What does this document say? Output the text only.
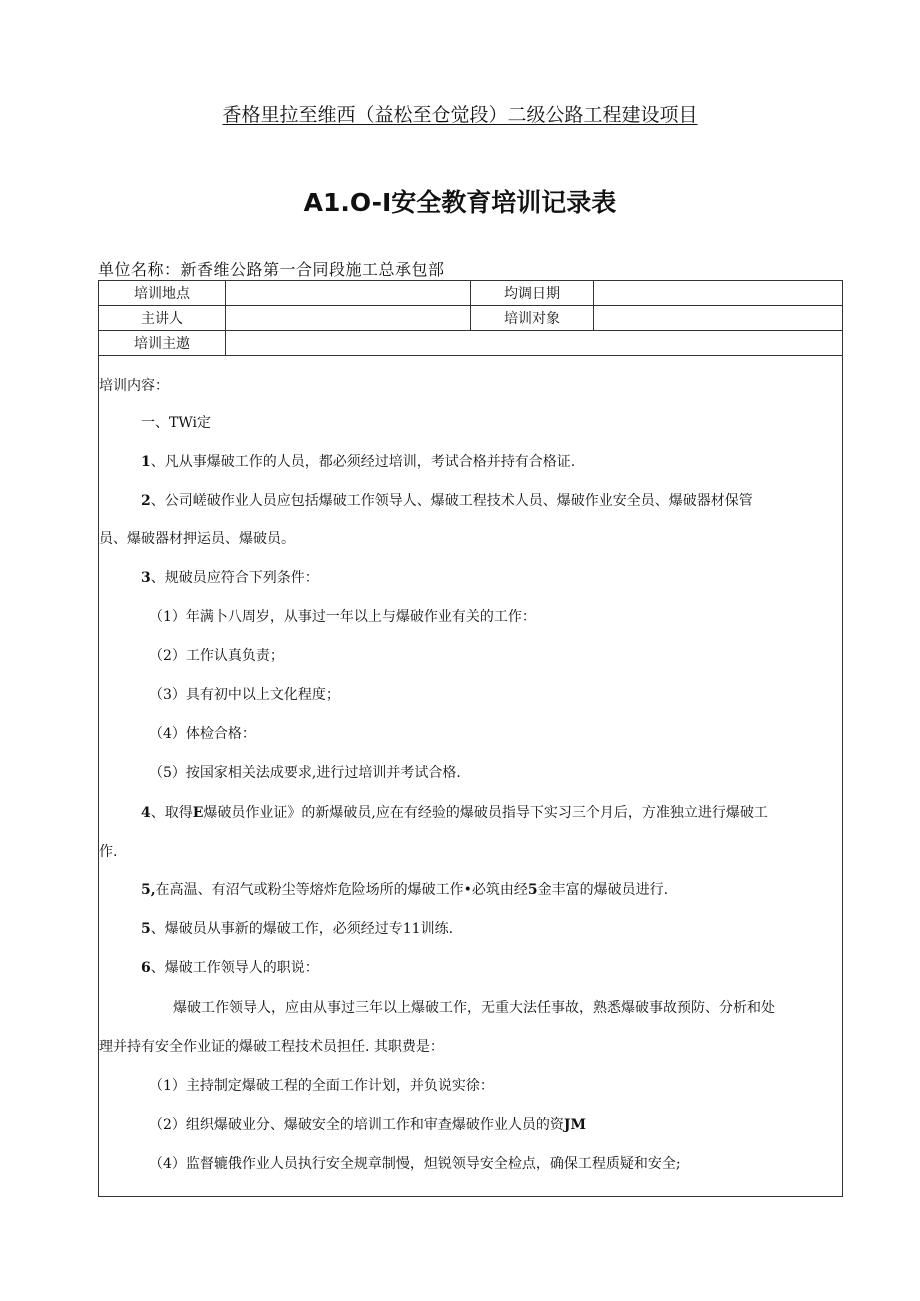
香格里拉至维西（益松至仓觉段）二级公路工程建设项目
A1.O-I安全教育培训记录表
单位名称：新香维公路第一合同段施工总承包部
培训地点		均调日期	
主讲人		培训对象	
培训主遨			

培训内容：

一、TWi定

1、凡从事爆破工作的人员，都必须经过培训，考试合格并持有合格证.

2、公司嵯破作业人员应包括爆破工作领导人、爆破工程技术人员、爆破作业安全员、爆破器材保管

员、爆破器材押运员、爆破员。

3、规破员应符合下列条件：

（1）年满卜八周岁，从事过一年以上与爆破作业有关的工作：

（2）工作认真负责；

（3）具有初中以上文化程度；

（4）体检合格：

（5）按国家相关法成要求,进行过培训并考试合格.

4、取得E爆破员作业证》的新爆破员,应在有经验的爆破员指导下实习三个月后，方准独立进行爆破工

作.

5,在高温、有沼气或粉尘等熔炸危险场所的爆破工作•必筑由经5金丰富的爆破员进行.

5、爆破员从事新的爆破工作，必须经过专11训练.

6、爆破工作领导人的职说：

爆破工作领导人，应由从事过三年以上爆破工作，无重大法任事故，熟悉爆破事故预防、分析和处

理并持有安全作业证的爆破工程技术员担任. 其职费是：

（1）主持制定爆破工程的全面工作计划，并负说实徐：

（2）组织爆破业分、爆破安全的培训工作和审查爆破作业人员的资JM

（4）监督辘俄作业人员执行安全规章制慢，炟锐领导安全检点，确保工程质疑和安全;
